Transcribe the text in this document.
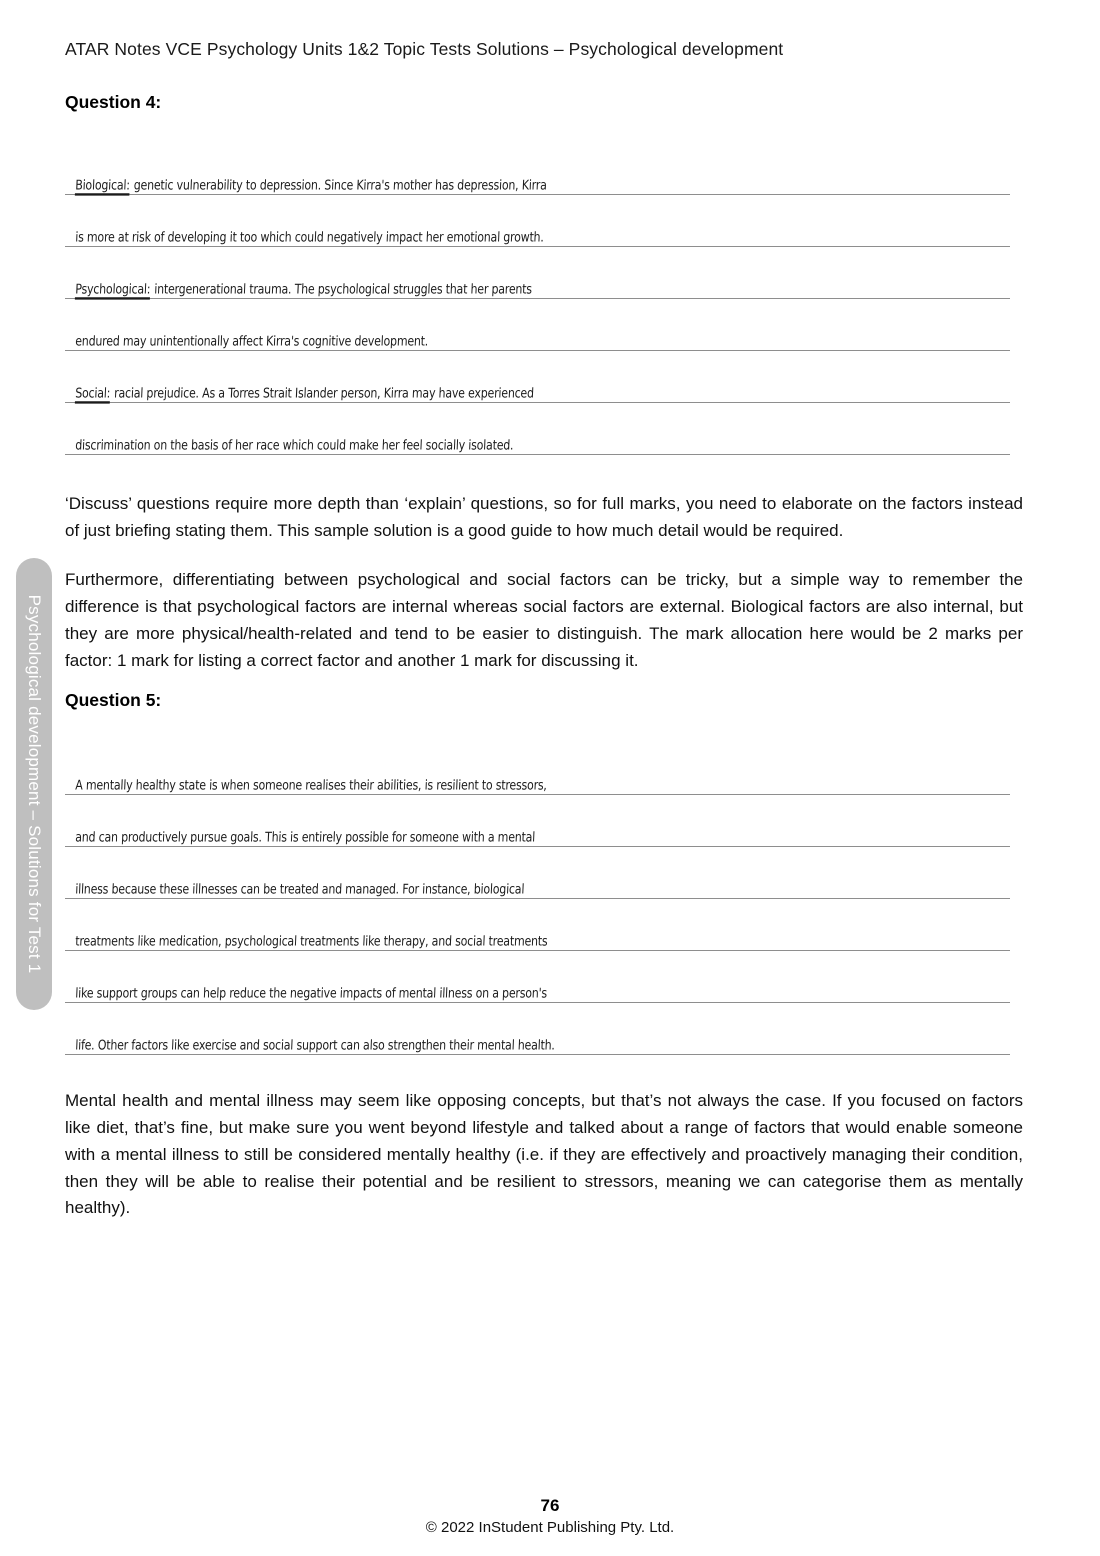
ATAR Notes VCE Psychology Units 1&2 Topic Tests Solutions – Psychological development
Psychological development – Solutions for Test 1
Question 4:
Biological: genetic vulnerability to depression. Since Kirra's mother has depression, Kirra
is more at risk of developing it too which could negatively impact her emotional growth.
Psychological: intergenerational trauma. The psychological struggles that her parents
endured may unintentionally affect Kirra's cognitive development.
Social: racial prejudice. As a Torres Strait Islander person, Kirra may have experienced
discrimination on the basis of her race which could make her feel socially isolated.

‘Discuss’ questions require more depth than ‘explain’ questions, so for full marks, you need to elaborate on the factors instead of just briefing stating them. This sample solution is a good guide to how much detail would be required.

Furthermore, differentiating between psychological and social factors can be tricky, but a simple way to remember the difference is that psychological factors are internal whereas social factors are external. Biological factors are also internal, but they are more physical/health-related and tend to be easier to distinguish. The mark allocation here would be 2 marks per factor: 1 mark for listing a correct factor and another 1 mark for discussing it.

Question 5:
A mentally healthy state is when someone realises their abilities, is resilient to stressors,
and can productively pursue goals. This is entirely possible for someone with a mental
illness because these illnesses can be treated and managed. For instance, biological
treatments like medication, psychological treatments like therapy, and social treatments
like support groups can help reduce the negative impacts of mental illness on a person's
life. Other factors like exercise and social support can also strengthen their mental health.

Mental health and mental illness may seem like opposing concepts, but that’s not always the case. If you focused on factors like diet, that’s fine, but make sure you went beyond lifestyle and talked about a range of factors that would enable someone with a mental illness to still be considered mentally healthy (i.e. if they are effectively and proactively managing their condition, then they will be able to realise their potential and be resilient to stressors, meaning we can categorise them as mentally healthy).

76
© 2022 InStudent Publishing Pty. Ltd.
